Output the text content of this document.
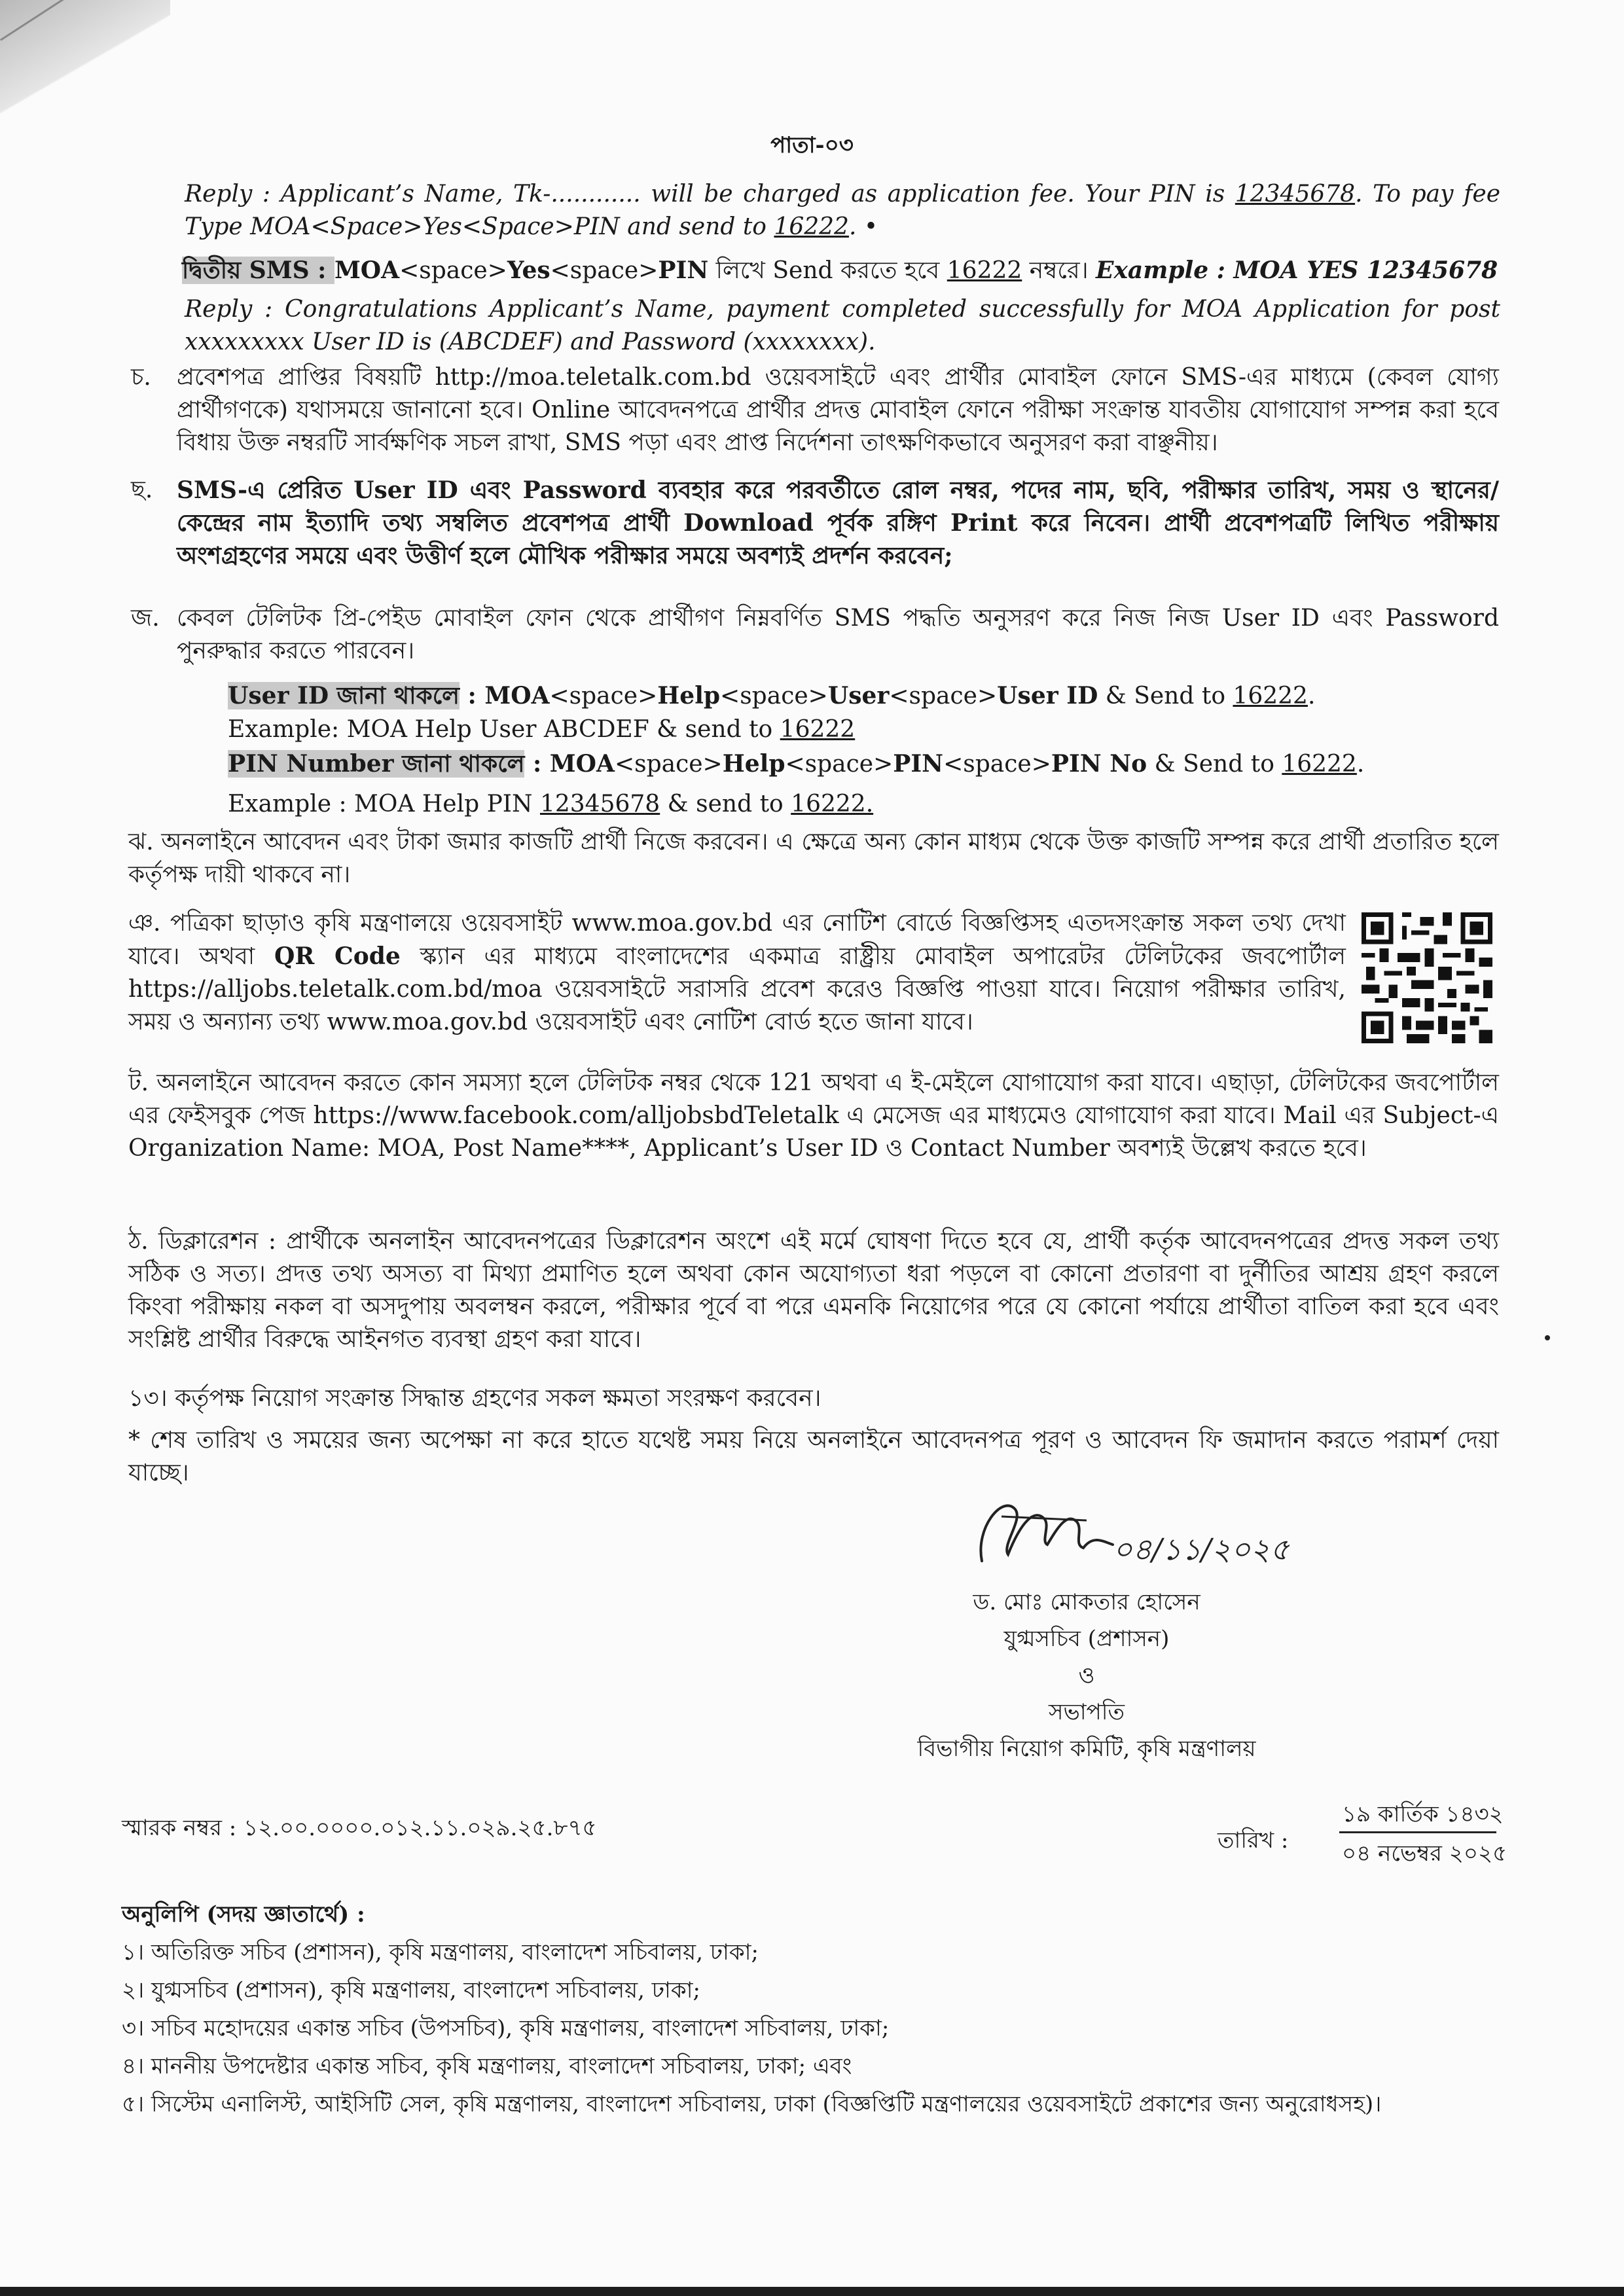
পাতা-০৩

Reply : Applicant’s Name, Tk-............ will be charged as application fee. Your PIN is 12345678. To pay fee Type MOA<Space>Yes<Space>PIN and send to 16222. •

দ্বিতীয় SMS : MOA<space>Yes<space>PIN লিখে Send করতে হবে 16222 নম্বরে। Example : MOA YES 12345678

Reply : Congratulations Applicant’s Name, payment completed successfully for MOA Application for post xxxxxxxxx User ID is (ABCDEF) and Password (xxxxxxxx).

চ. প্রবেশপত্র প্রাপ্তির বিষয়টি http://moa.teletalk.com.bd ওয়েবসাইটে এবং প্রার্থীর মোবাইল ফোনে SMS-এর মাধ্যমে (কেবল যোগ্য প্রার্থীগণকে) যথাসময়ে জানানো হবে। Online আবেদনপত্রে প্রার্থীর প্রদত্ত মোবাইল ফোনে পরীক্ষা সংক্রান্ত যাবতীয় যোগাযোগ সম্পন্ন করা হবে বিধায় উক্ত নম্বরটি সার্বক্ষণিক সচল রাখা, SMS পড়া এবং প্রাপ্ত নির্দেশনা তাৎক্ষণিকভাবে অনুসরণ করা বাঞ্ছনীয়।

ছ. SMS-এ প্রেরিত User ID এবং Password ব্যবহার করে পরবর্তীতে রোল নম্বর, পদের নাম, ছবি, পরীক্ষার তারিখ, সময় ও স্থানের/কেন্দ্রের নাম ইত্যাদি তথ্য সম্বলিত প্রবেশপত্র প্রার্থী Download পূর্বক রঙ্গিণ Print করে নিবেন। প্রার্থী প্রবেশপত্রটি লিখিত পরীক্ষায় অংশগ্রহণের সময়ে এবং উত্তীর্ণ হলে মৌখিক পরীক্ষার সময়ে অবশ্যই প্রদর্শন করবেন;

জ. কেবল টেলিটক প্রি-পেইড মোবাইল ফোন থেকে প্রার্থীগণ নিম্নবর্ণিত SMS পদ্ধতি অনুসরণ করে নিজ নিজ User ID এবং Password পুনরুদ্ধার করতে পারবেন।

User ID জানা থাকলে : MOA<space>Help<space>User<space>User ID & Send to 16222.

Example: MOA Help User ABCDEF & send to 16222

PIN Number জানা থাকলে : MOA<space>Help<space>PIN<space>PIN No & Send to 16222.

Example : MOA Help PIN 12345678 & send to 16222.

ঝ. অনলাইনে আবেদন এবং টাকা জমার কাজটি প্রার্থী নিজে করবেন। এ ক্ষেত্রে অন্য কোন মাধ্যম থেকে উক্ত কাজটি সম্পন্ন করে প্রার্থী প্রতারিত হলে কর্তৃপক্ষ দায়ী থাকবে না।

ঞ. পত্রিকা ছাড়াও কৃষি মন্ত্রণালয়ে ওয়েবসাইট www.moa.gov.bd এর নোটিশ বোর্ডে বিজ্ঞপ্তিসহ এতদসংক্রান্ত সকল তথ্য দেখা যাবে। অথবা QR Code স্ক্যান এর মাধ্যমে বাংলাদেশের একমাত্র রাষ্ট্রীয় মোবাইল অপারেটর টেলিটকের জবপোর্টাল https://alljobs.teletalk.com.bd/moa ওয়েবসাইটে সরাসরি প্রবেশ করেও বিজ্ঞপ্তি পাওয়া যাবে। নিয়োগ পরীক্ষার তারিখ, সময় ও অন্যান্য তথ্য www.moa.gov.bd ওয়েবসাইট এবং নোটিশ বোর্ড হতে জানা যাবে।

ট. অনলাইনে আবেদন করতে কোন সমস্যা হলে টেলিটক নম্বর থেকে 121 অথবা এ ই-মেইলে যোগাযোগ করা যাবে। এছাড়া, টেলিটকের জবপোর্টাল এর ফেইসবুক পেজ https://www.facebook.com/alljobsbdTeletalk এ মেসেজ এর মাধ্যমেও যোগাযোগ করা যাবে। Mail এর Subject-এ Organization Name: MOA, Post Name****, Applicant’s User ID ও Contact Number অবশ্যই উল্লেখ করতে হবে।

ঠ. ডিক্লারেশন : প্রার্থীকে অনলাইন আবেদনপত্রের ডিক্লারেশন অংশে এই মর্মে ঘোষণা দিতে হবে যে, প্রার্থী কর্তৃক আবেদনপত্রের প্রদত্ত সকল তথ্য সঠিক ও সত্য। প্রদত্ত তথ্য অসত্য বা মিথ্যা প্রমাণিত হলে অথবা কোন অযোগ্যতা ধরা পড়লে বা কোনো প্রতারণা বা দুর্নীতির আশ্রয় গ্রহণ করলে কিংবা পরীক্ষায় নকল বা অসদুপায় অবলম্বন করলে, পরীক্ষার পূর্বে বা পরে এমনকি নিয়োগের পরে যে কোনো পর্যায়ে প্রার্থীতা বাতিল করা হবে এবং সংশ্লিষ্ট প্রার্থীর বিরুদ্ধে আইনগত ব্যবস্থা গ্রহণ করা যাবে।

১৩। কর্তৃপক্ষ নিয়োগ সংক্রান্ত সিদ্ধান্ত গ্রহণের সকল ক্ষমতা সংরক্ষণ করবেন।

* শেষ তারিখ ও সময়ের জন্য অপেক্ষা না করে হাতে যথেষ্ট সময় নিয়ে অনলাইনে আবেদনপত্র পূরণ ও আবেদন ফি জমাদান করতে পরামর্শ দেয়া যাচ্ছে।

০৪/১১/২০২৫
ড. মোঃ মোকতার হোসেন
যুগ্মসচিব (প্রশাসন)
ও
সভাপতি
বিভাগীয় নিয়োগ কমিটি, কৃষি মন্ত্রণালয়

স্মারক নম্বর : ১২.০০.০০০০.০১২.১১.০২৯.২৫.৮৭৫	তারিখ :
১৯ কার্তিক ১৪৩২
০৪ নভেম্বর ২০২৫
অনুলিপি (সদয় জ্ঞাতার্থে) :
১। অতিরিক্ত সচিব (প্রশাসন), কৃষি মন্ত্রণালয়, বাংলাদেশ সচিবালয়, ঢাকা;
২। যুগ্মসচিব (প্রশাসন), কৃষি মন্ত্রণালয়, বাংলাদেশ সচিবালয়, ঢাকা;
৩। সচিব মহোদয়ের একান্ত সচিব (উপসচিব), কৃষি মন্ত্রণালয়, বাংলাদেশ সচিবালয়, ঢাকা;
৪। মাননীয় উপদেষ্টার একান্ত সচিব, কৃষি মন্ত্রণালয়, বাংলাদেশ সচিবালয়, ঢাকা; এবং
৫। সিস্টেম এনালিস্ট, আইসিটি সেল, কৃষি মন্ত্রণালয়, বাংলাদেশ সচিবালয়, ঢাকা (বিজ্ঞপ্তিটি মন্ত্রণালয়ের ওয়েবসাইটে প্রকাশের জন্য অনুরোধসহ)।
